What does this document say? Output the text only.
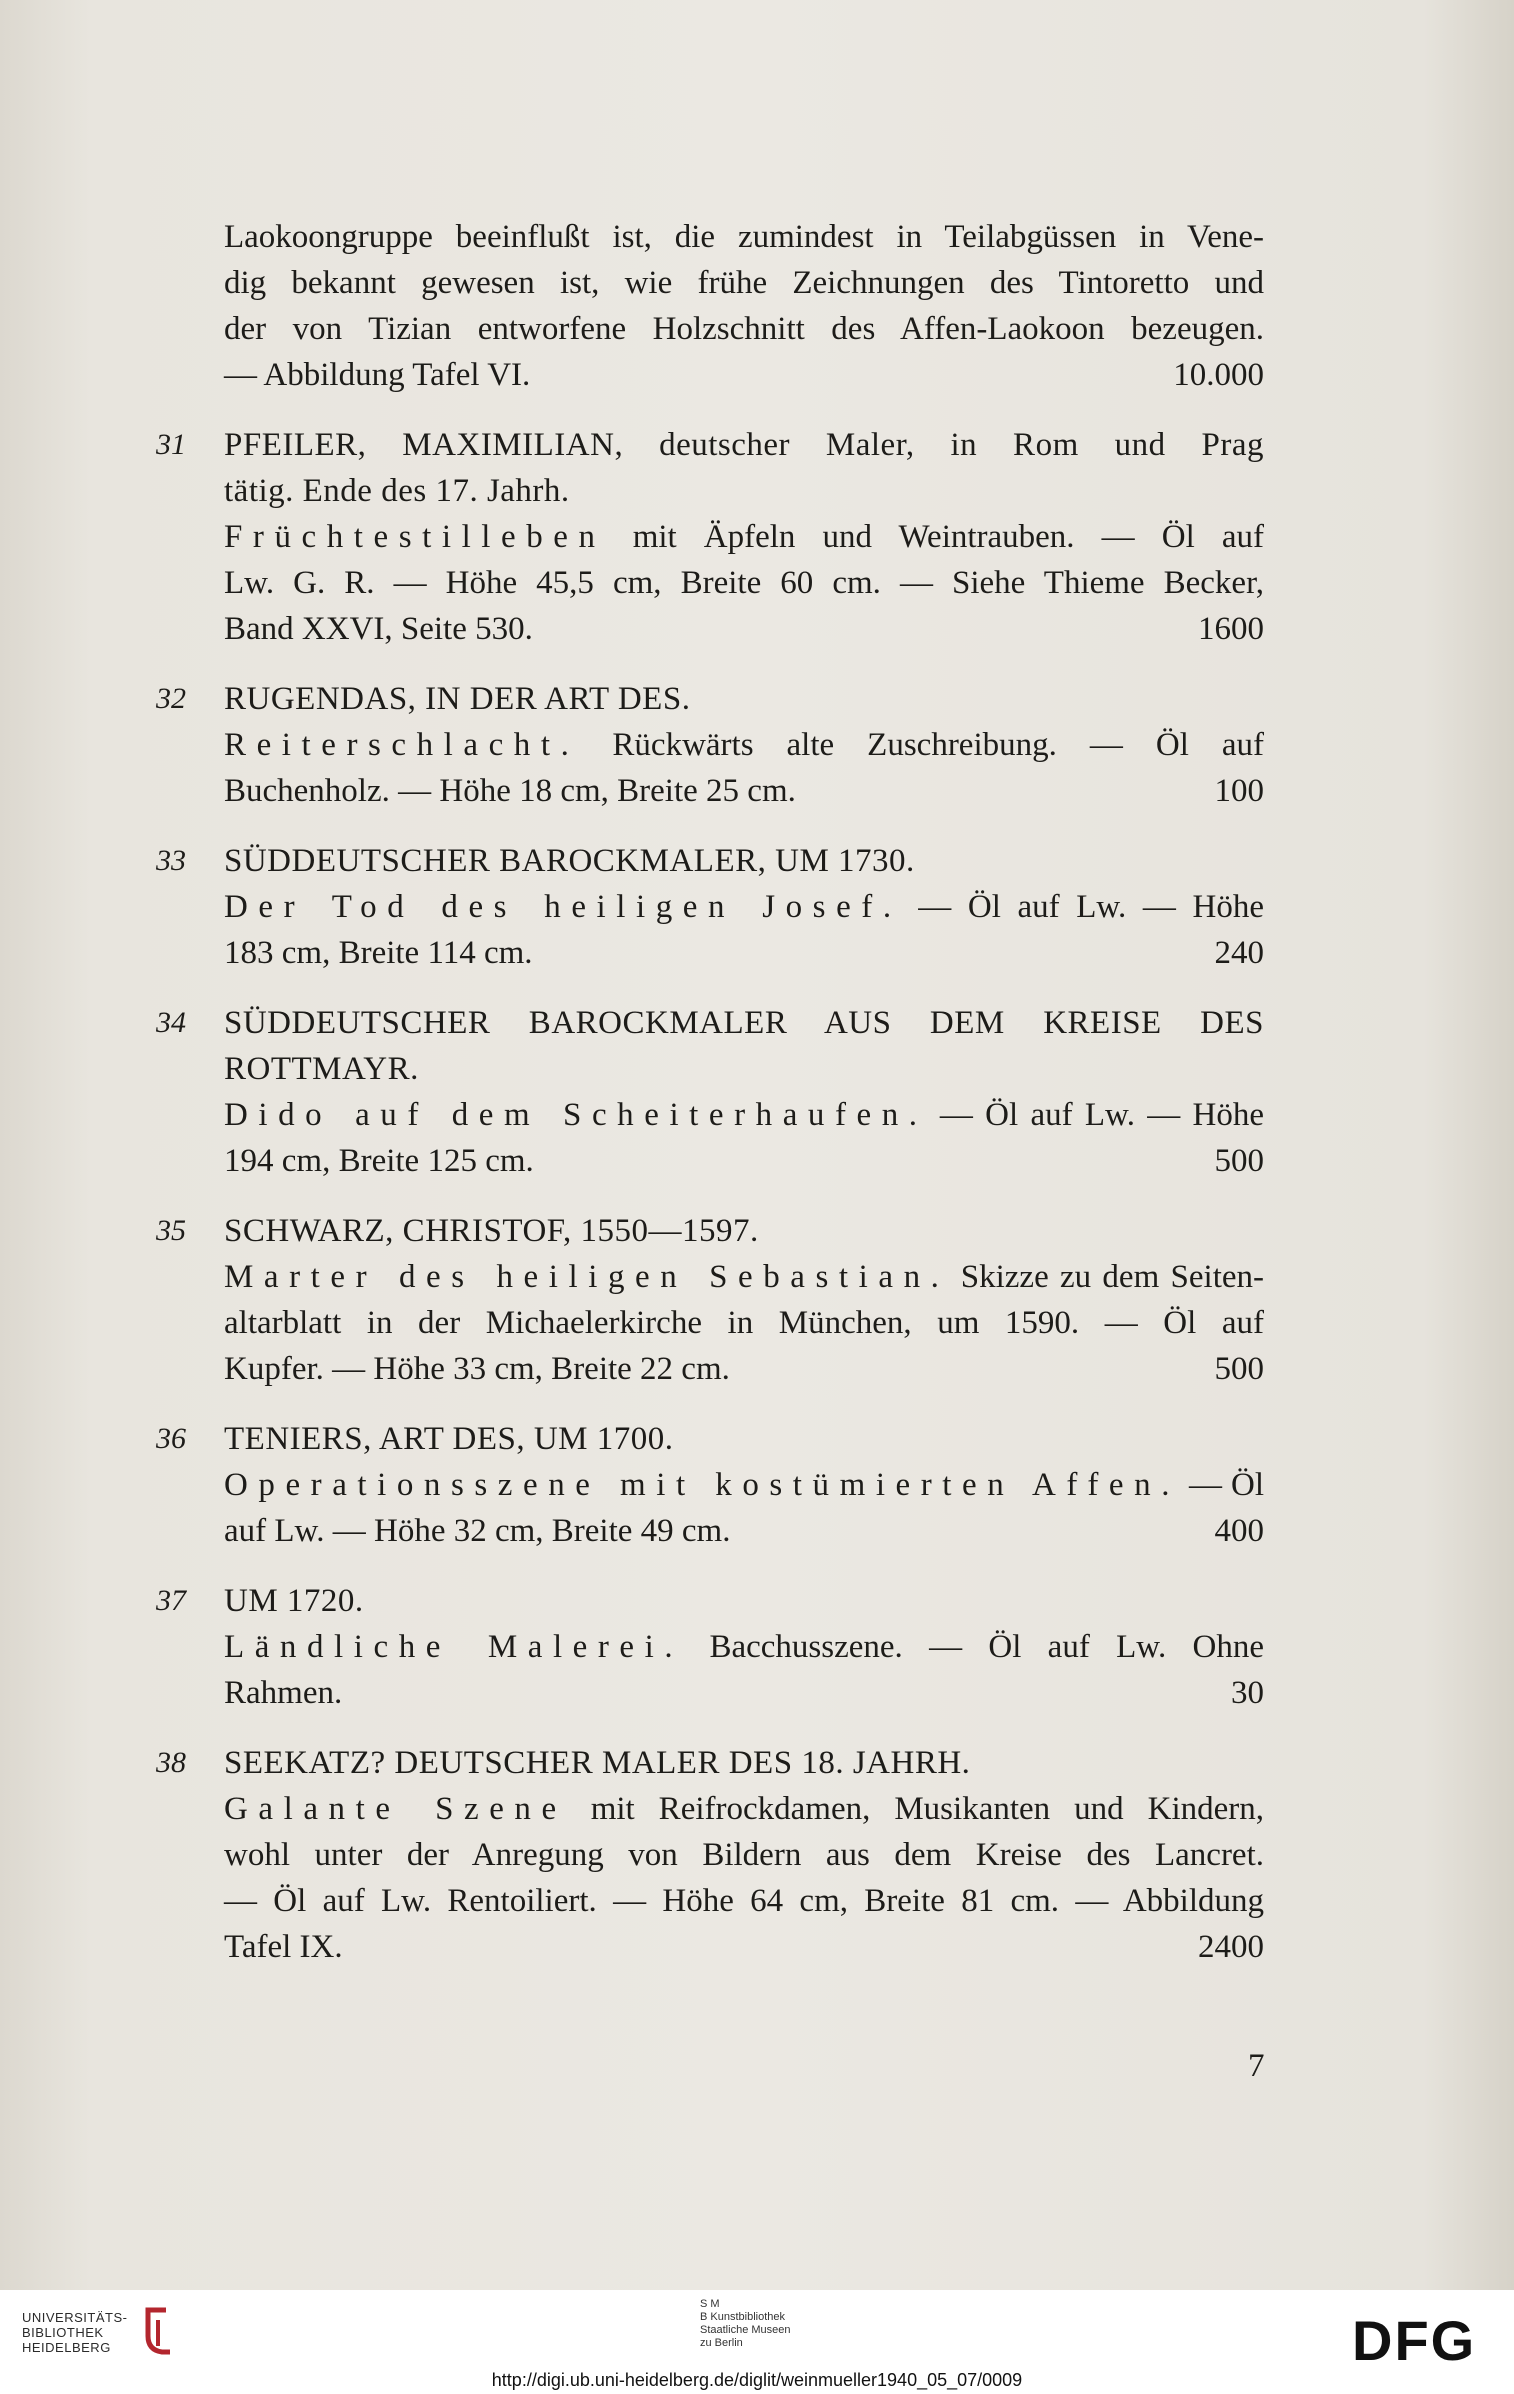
Laokoongruppe beeinflußt ist, die zumindest in Teilabgüssen in Vene-
dig bekannt gewesen ist, wie frühe Zeichnungen des Tintoretto und
der von Tizian entworfene Holzschnitt des Affen-Laokoon bezeugen.
— Abbildung Tafel VI.	10.000
31	PFEILER, MAXIMILIAN, deutscher Maler, in Rom und Prag
tätig. Ende des 17. Jahrh.
Früchtestilleben mit Äpfeln und Weintrauben. — Öl auf
Lw. G. R. — Höhe 45,5 cm, Breite 60 cm. — Siehe Thieme Becker,
Band XXVI, Seite 530.	1600
32	RUGENDAS, IN DER ART DES.
Reiterschlacht. Rückwärts alte Zuschreibung. — Öl auf
Buchenholz. — Höhe 18 cm, Breite 25 cm.	100
33	SÜDDEUTSCHER BAROCKMALER, UM 1730.
Der Tod des heiligen Josef. — Öl auf Lw. — Höhe
183 cm, Breite 114 cm.	240
34	SÜDDEUTSCHER BAROCKMALER AUS DEM KREISE DES
ROTTMAYR.
Dido auf dem Scheiterhaufen. — Öl auf Lw. — Höhe
194 cm, Breite 125 cm.	500
35	SCHWARZ, CHRISTOF, 1550—1597.
Marter des heiligen Sebastian. Skizze zu dem Seiten-
altarblatt in der Michaelerkirche in München, um 1590. — Öl auf
Kupfer. — Höhe 33 cm, Breite 22 cm.	500
36	TENIERS, ART DES, UM 1700.
Operationsszene mit kostümierten Affen. — Öl
auf Lw. — Höhe 32 cm, Breite 49 cm.	400
37	UM 1720.
Ländliche Malerei. Bacchusszene. — Öl auf Lw. Ohne
Rahmen.	30
38	SEEKATZ? DEUTSCHER MALER DES 18. JAHRH.
Galante Szene mit Reifrockdamen, Musikanten und Kindern,
wohl unter der Anregung von Bildern aus dem Kreise des Lancret.
— Öl auf Lw. Rentoiliert. — Höhe 64 cm, Breite 81 cm. — Abbildung
Tafel IX.	2400
7
UNIVERSITÄTS-
BIBLIOTHEK
HEIDELBERG
S M
B Kunstbibliothek
Staatliche Museen
zu Berlin	DFG
http://digi.ub.uni-heidelberg.de/diglit/weinmueller1940_05_07/0009
